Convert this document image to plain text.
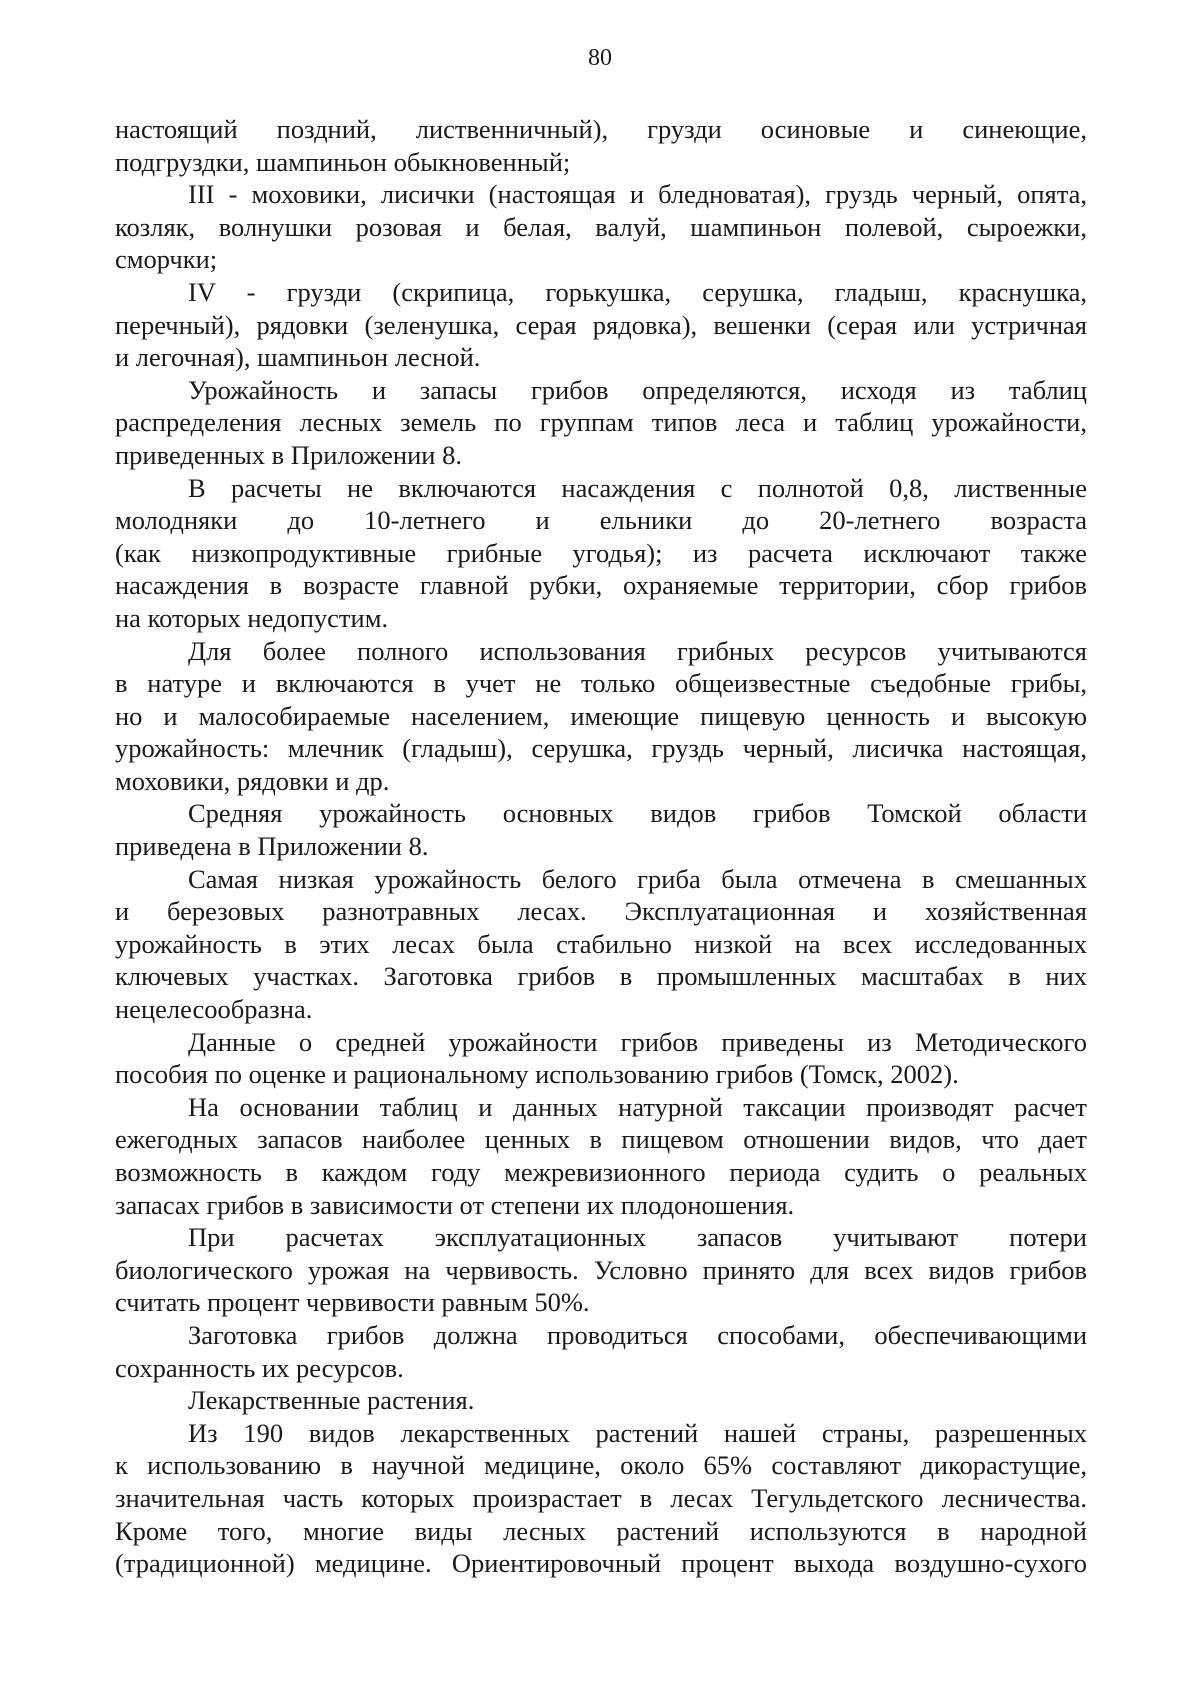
80
настоящий поздний, лиственничный), грузди осиновые и синеющие,
подгруздки, шампиньон обыкновенный;
III - моховики, лисички (настоящая и бледноватая), груздь черный, опята,
козляк, волнушки розовая и белая, валуй, шампиньон полевой, сыроежки,
сморчки;
IV - грузди (скрипица, горькушка, серушка, гладыш, краснушка,
перечный), рядовки (зеленушка, серая рядовка), вешенки (серая или устричная
и легочная), шампиньон лесной.
Урожайность и запасы грибов определяются, исходя из таблиц
распределения лесных земель по группам типов леса и таблиц урожайности,
приведенных в Приложении 8.
В расчеты не включаются насаждения с полнотой 0,8, лиственные
молодняки до 10-летнего и ельники до 20-летнего возраста
(как низкопродуктивные грибные угодья); из расчета исключают также
насаждения в возрасте главной рубки, охраняемые территории, сбор грибов
на которых недопустим.
Для более полного использования грибных ресурсов учитываются
в натуре и включаются в учет не только общеизвестные съедобные грибы,
но и малособираемые населением, имеющие пищевую ценность и высокую
урожайность: млечник (гладыш), серушка, груздь черный, лисичка настоящая,
моховики, рядовки и др.
Средняя урожайность основных видов грибов Томской области
приведена в Приложении 8.
Самая низкая урожайность белого гриба была отмечена в смешанных
и березовых разнотравных лесах. Эксплуатационная и хозяйственная
урожайность в этих лесах была стабильно низкой на всех исследованных
ключевых участках. Заготовка грибов в промышленных масштабах в них
нецелесообразна.
Данные о средней урожайности грибов приведены из Методического
пособия по оценке и рациональному использованию грибов (Томск, 2002).
На основании таблиц и данных натурной таксации производят расчет
ежегодных запасов наиболее ценных в пищевом отношении видов, что дает
возможность в каждом году межревизионного периода судить о реальных
запасах грибов в зависимости от степени их плодоношения.
При расчетах эксплуатационных запасов учитывают потери
биологического урожая на червивость. Условно принято для всех видов грибов
считать процент червивости равным 50%.
Заготовка грибов должна проводиться способами, обеспечивающими
сохранность их ресурсов.
Лекарственные растения.
Из 190 видов лекарственных растений нашей страны, разрешенных
к использованию в научной медицине, около 65% составляют дикорастущие,
значительная часть которых произрастает в лесах Тегульдетского лесничества.
Кроме того, многие виды лесных растений используются в народной
(традиционной) медицине. Ориентировочный процент выхода воздушно-сухого
